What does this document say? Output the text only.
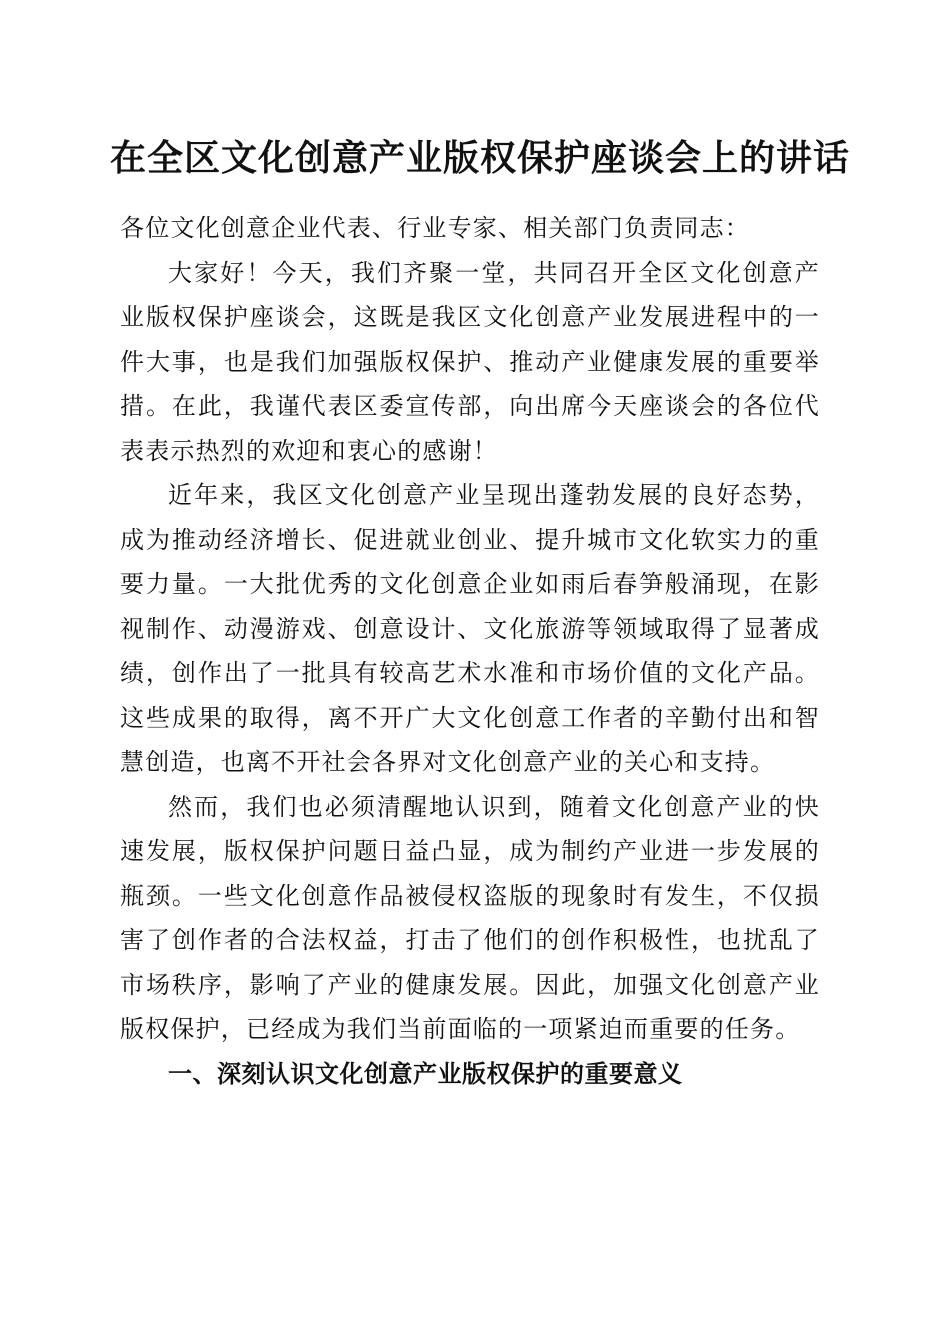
在全区文化创意产业版权保护座谈会上的讲话

各位文化创意企业代表、行业专家、相关部门负责同志：

大家好！今天，我们齐聚一堂，共同召开全区文化创意产业版权保护座谈会，这既是我区文化创意产业发展进程中的一件大事，也是我们加强版权保护、推动产业健康发展的重要举措。在此，我谨代表区委宣传部，向出席今天座谈会的各位代表表示热烈的欢迎和衷心的感谢！

近年来，我区文化创意产业呈现出蓬勃发展的良好态势，成为推动经济增长、促进就业创业、提升城市文化软实力的重要力量。一大批优秀的文化创意企业如雨后春笋般涌现，在影视制作、动漫游戏、创意设计、文化旅游等领域取得了显著成绩，创作出了一批具有较高艺术水准和市场价值的文化产品。这些成果的取得，离不开广大文化创意工作者的辛勤付出和智慧创造，也离不开社会各界对文化创意产业的关心和支持。

然而，我们也必须清醒地认识到，随着文化创意产业的快速发展，版权保护问题日益凸显，成为制约产业进一步发展的瓶颈。一些文化创意作品被侵权盗版的现象时有发生，不仅损害了创作者的合法权益，打击了他们的创作积极性，也扰乱了市场秩序，影响了产业的健康发展。因此，加强文化创意产业版权保护，已经成为我们当前面临的一项紧迫而重要的任务。

一、深刻认识文化创意产业版权保护的重要意义
